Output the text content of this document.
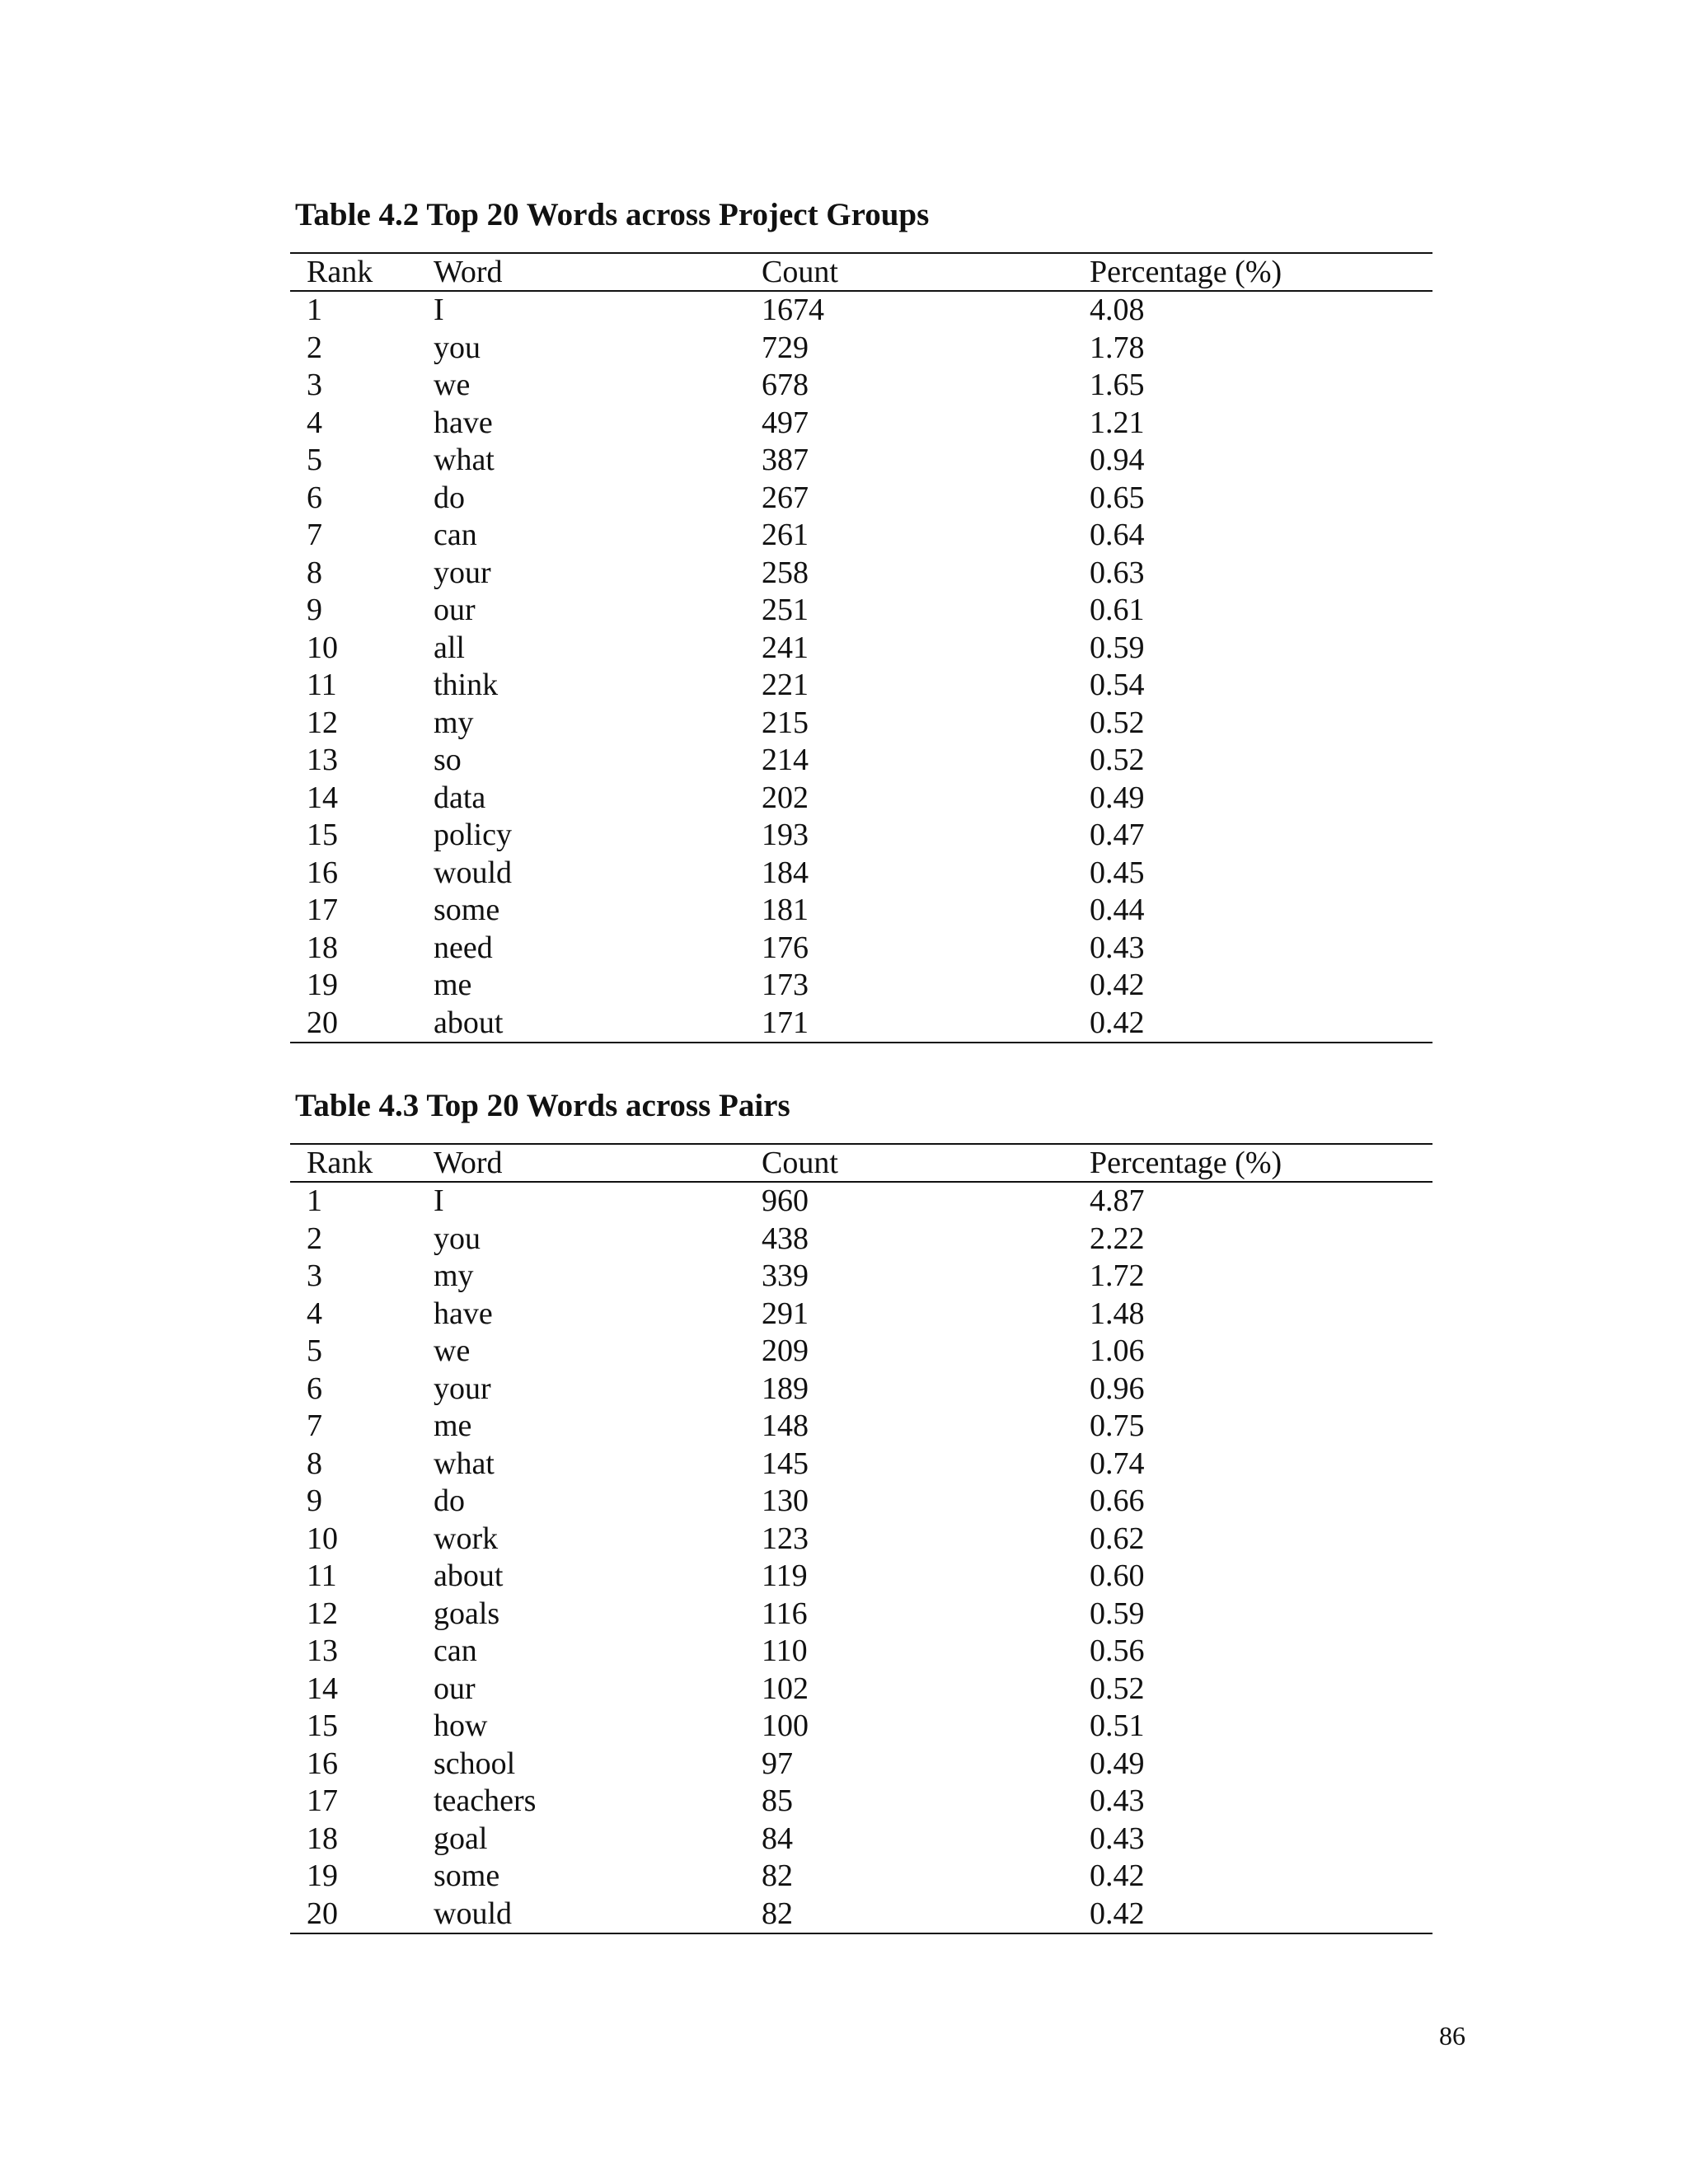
Table 4.2 Top 20 Words across Project Groups
Rank	Word	Count	Percentage (%)
1	I	1674	4.08
2	you	729	1.78
3	we	678	1.65
4	have	497	1.21
5	what	387	0.94
6	do	267	0.65
7	can	261	0.64
8	your	258	0.63
9	our	251	0.61
10	all	241	0.59
11	think	221	0.54
12	my	215	0.52
13	so	214	0.52
14	data	202	0.49
15	policy	193	0.47
16	would	184	0.45
17	some	181	0.44
18	need	176	0.43
19	me	173	0.42
20	about	171	0.42
Table 4.3 Top 20 Words across Pairs
Rank	Word	Count	Percentage (%)
1	I	960	4.87
2	you	438	2.22
3	my	339	1.72
4	have	291	1.48
5	we	209	1.06
6	your	189	0.96
7	me	148	0.75
8	what	145	0.74
9	do	130	0.66
10	work	123	0.62
11	about	119	0.60
12	goals	116	0.59
13	can	110	0.56
14	our	102	0.52
15	how	100	0.51
16	school	97	0.49
17	teachers	85	0.43
18	goal	84	0.43
19	some	82	0.42
20	would	82	0.42
86
